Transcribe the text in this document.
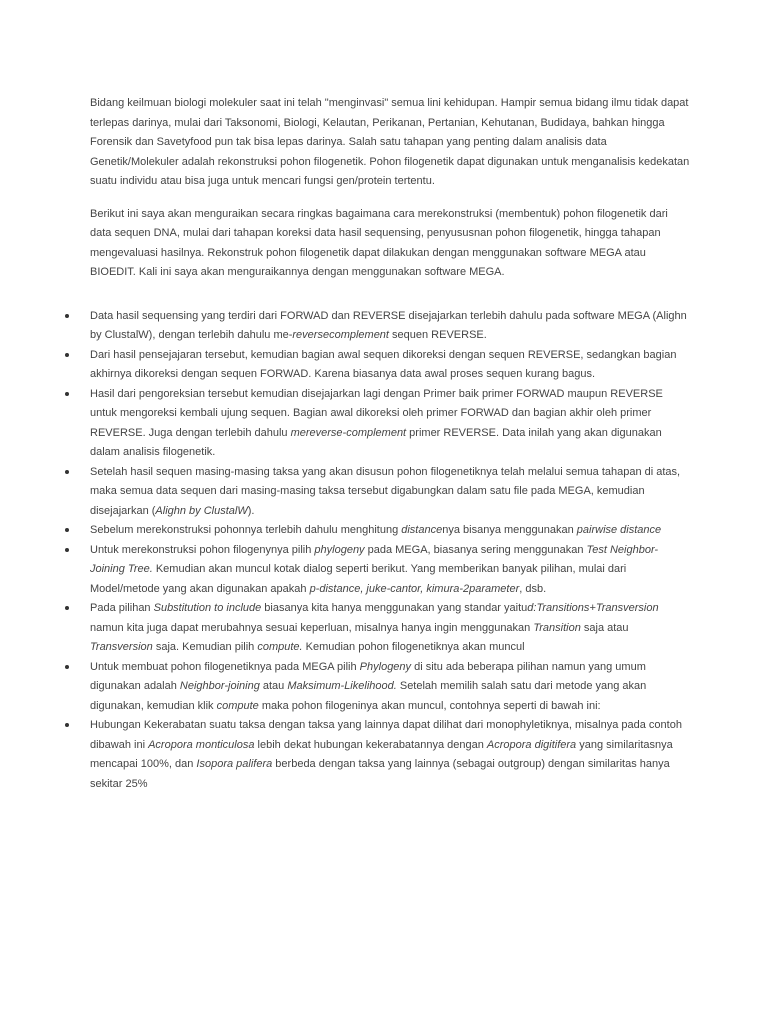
Bidang keilmuan biologi molekuler saat ini telah "menginvasi" semua lini kehidupan. Hampir semua bidang ilmu tidak dapat terlepas darinya, mulai dari Taksonomi, Biologi, Kelautan, Perikanan, Pertanian, Kehutanan, Budidaya, bahkan hingga Forensik dan Savetyfood pun tak bisa lepas darinya. Salah satu tahapan yang penting dalam analisis data Genetik/Molekuler adalah rekonstruksi pohon filogenetik. Pohon filogenetik dapat digunakan untuk menganalisis kedekatan suatu individu atau bisa juga untuk mencari fungsi gen/protein tertentu.

Berikut ini saya akan menguraikan secara ringkas bagaimana cara merekonstruksi (membentuk) pohon filogenetik dari data sequen DNA, mulai dari tahapan koreksi data hasil sequensing, penyususnan pohon filogenetik, hingga tahapan mengevaluasi hasilnya. Rekonstruk pohon filogenetik dapat dilakukan dengan menggunakan software MEGA atau BIOEDIT. Kali ini saya akan menguraikannya dengan menggunakan software MEGA.

Data hasil sequensing yang terdiri dari FORWAD dan REVERSE disejajarkan terlebih dahulu pada software MEGA (Alighn by ClustalW), dengan terlebih dahulu me-reversecomplement sequen REVERSE.
Dari hasil pensejajaran tersebut, kemudian bagian awal sequen dikoreksi dengan sequen REVERSE, sedangkan bagian akhirnya dikoreksi dengan sequen FORWAD. Karena biasanya data awal proses sequen kurang bagus.
Hasil dari pengoreksian tersebut kemudian disejajarkan lagi dengan Primer baik primer FORWAD maupun REVERSE untuk mengoreksi kembali ujung sequen. Bagian awal dikoreksi oleh primer FORWAD dan bagian akhir oleh primer REVERSE. Juga dengan terlebih dahulu mereverse-complement primer REVERSE. Data inilah yang akan digunakan dalam analisis filogenetik.
Setelah hasil sequen masing-masing taksa yang akan disusun pohon filogenetiknya telah melalui semua tahapan di atas, maka semua data sequen dari masing-masing taksa tersebut digabungkan dalam satu file pada MEGA, kemudian disejajarkan (Alighn by ClustalW).
Sebelum merekonstruksi pohonnya terlebih dahulu menghitung distancenya bisanya menggunakan pairwise distance
Untuk merekonstruksi pohon filogenynya pilih phylogeny pada MEGA, biasanya sering menggunakan Test Neighbor-Joining Tree. Kemudian akan muncul kotak dialog seperti berikut. Yang memberikan banyak pilihan, mulai dari Model/metode yang akan digunakan apakah p-distance, juke-cantor, kimura-2parameter, dsb.
Pada pilihan Substitution to include biasanya kita hanya menggunakan yang standar yaitud:Transitions+Transversion namun kita juga dapat merubahnya sesuai keperluan, misalnya hanya ingin menggunakan Transition saja atau Transversion saja. Kemudian pilih compute. Kemudian pohon filogenetiknya akan muncul
Untuk membuat pohon filogenetiknya pada MEGA pilih Phylogeny di situ ada beberapa pilihan namun yang umum digunakan adalah Neighbor-joining atau Maksimum-Likelihood. Setelah memilih salah satu dari metode yang akan digunakan, kemudian klik compute maka pohon filogeninya akan muncul, contohnya seperti di bawah ini:
Hubungan Kekerabatan suatu taksa dengan taksa yang lainnya dapat dilihat dari monophyletiknya, misalnya pada contoh dibawah ini Acropora monticulosa lebih dekat hubungan kekerabatannya dengan Acropora digitifera yang similaritasnya mencapai 100%, dan Isopora palifera berbeda dengan taksa yang lainnya (sebagai outgroup) dengan similaritas hanya sekitar 25%
